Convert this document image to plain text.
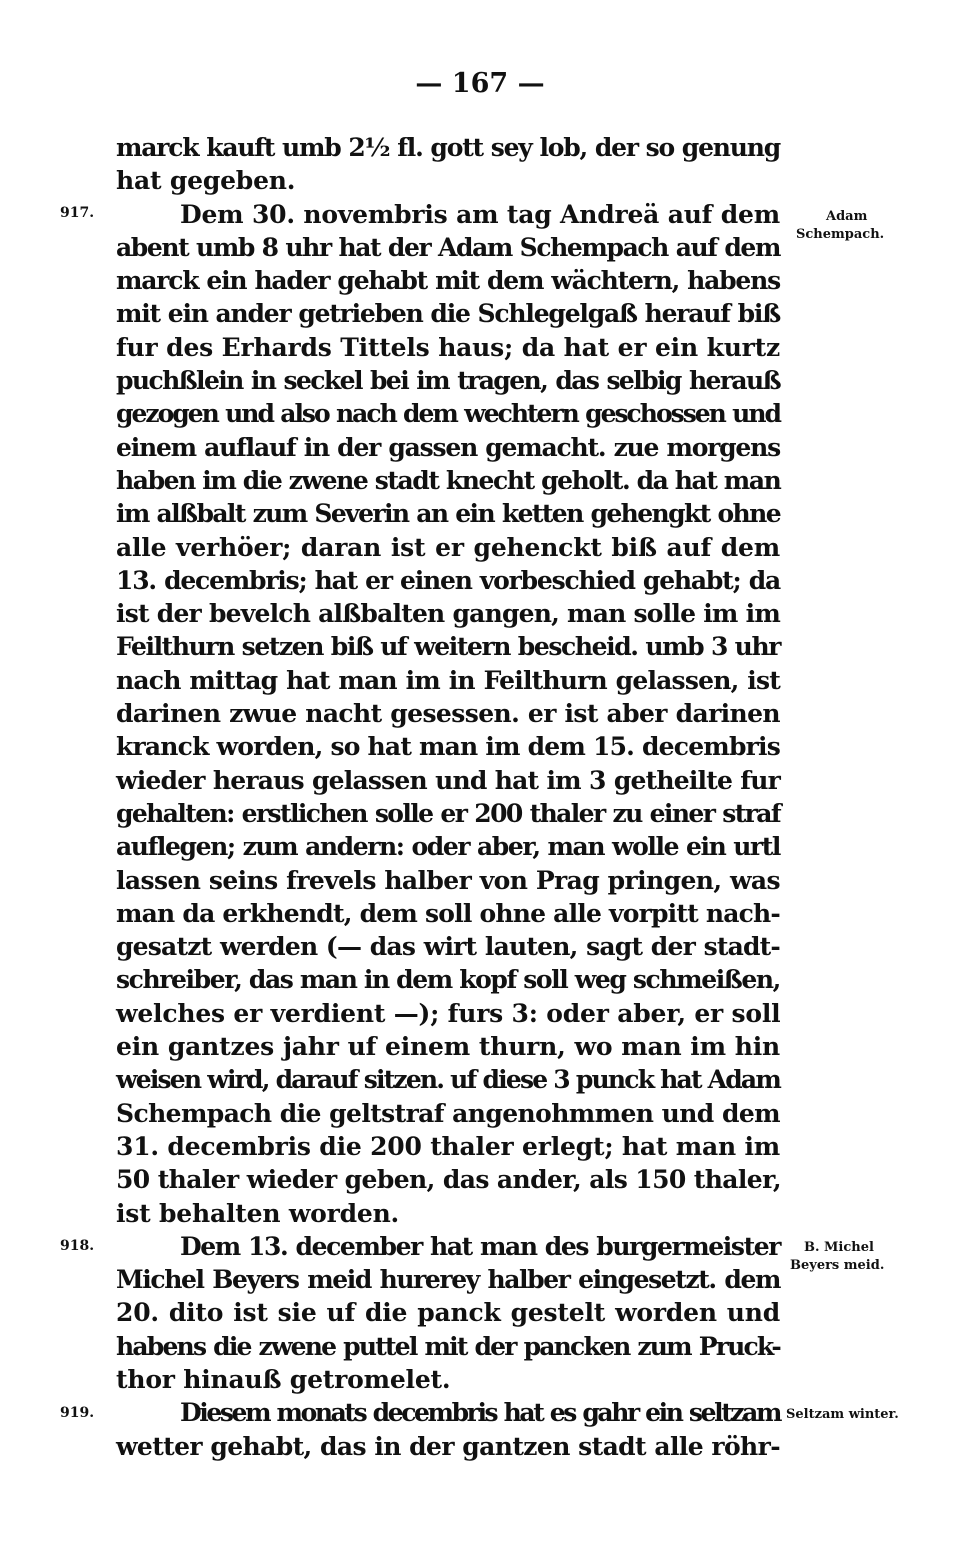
— 167 —
917.	Adam
Schempach.
918.	B. Michel
Beyers meid.
919.	Seltzam winter.
marck kauft umb 2½ fl. gott sey lob, der so genung
hat gegeben.
Dem 30. novembris am tag Andreä auf dem
abent umb 8 uhr hat der Adam Schempach auf dem
marck ein hader gehabt mit dem wächtern, habens
mit ein ander getrieben die Schlegelgaß herauf biß
fur des Erhards Tittels haus; da hat er ein kurtz
puchßlein in seckel bei im tragen, das selbig herauß
gezogen und also nach dem wechtern geschossen und
einem auflauf in der gassen gemacht. zue morgens
haben im die zwene stadt knecht geholt. da hat man
im alßbalt zum Severin an ein ketten gehengkt ohne
alle verhöer; daran ist er gehenckt biß auf dem
13. decembris; hat er einen vorbeschied gehabt; da
ist der bevelch alßbalten gangen, man solle im im
Feilthurn setzen biß uf weitern bescheid. umb 3 uhr
nach mittag hat man im in Feilthurn gelassen, ist
darinen zwue nacht gesessen. er ist aber darinen
kranck worden, so hat man im dem 15. decembris
wieder heraus gelassen und hat im 3 getheilte fur
gehalten: erstlichen solle er 200 thaler zu einer straf
auflegen; zum andern: oder aber, man wolle ein urtl
lassen seins frevels halber von Prag pringen, was
man da erkhendt, dem soll ohne alle vorpitt nach-
gesatzt werden (— das wirt lauten, sagt der stadt-
schreiber, das man in dem kopf soll weg schmeißen,
welches er verdient —); furs 3: oder aber, er soll
ein gantzes jahr uf einem thurn, wo man im hin
weisen wird, darauf sitzen. uf diese 3 punck hat Adam
Schempach die geltstraf angenohmmen und dem
31. decembris die 200 thaler erlegt; hat man im
50 thaler wieder geben, das ander, als 150 thaler,
ist behalten worden.
Dem 13. december hat man des burgermeister
Michel Beyers meid hurerey halber eingesetzt. dem
20. dito ist sie uf die panck gestelt worden und
habens die zwene puttel mit der pancken zum Pruck-
thor hinauß getromelet.
Diesem monats decembris hat es gahr ein seltzam
wetter gehabt, das in der gantzen stadt alle röhr-
